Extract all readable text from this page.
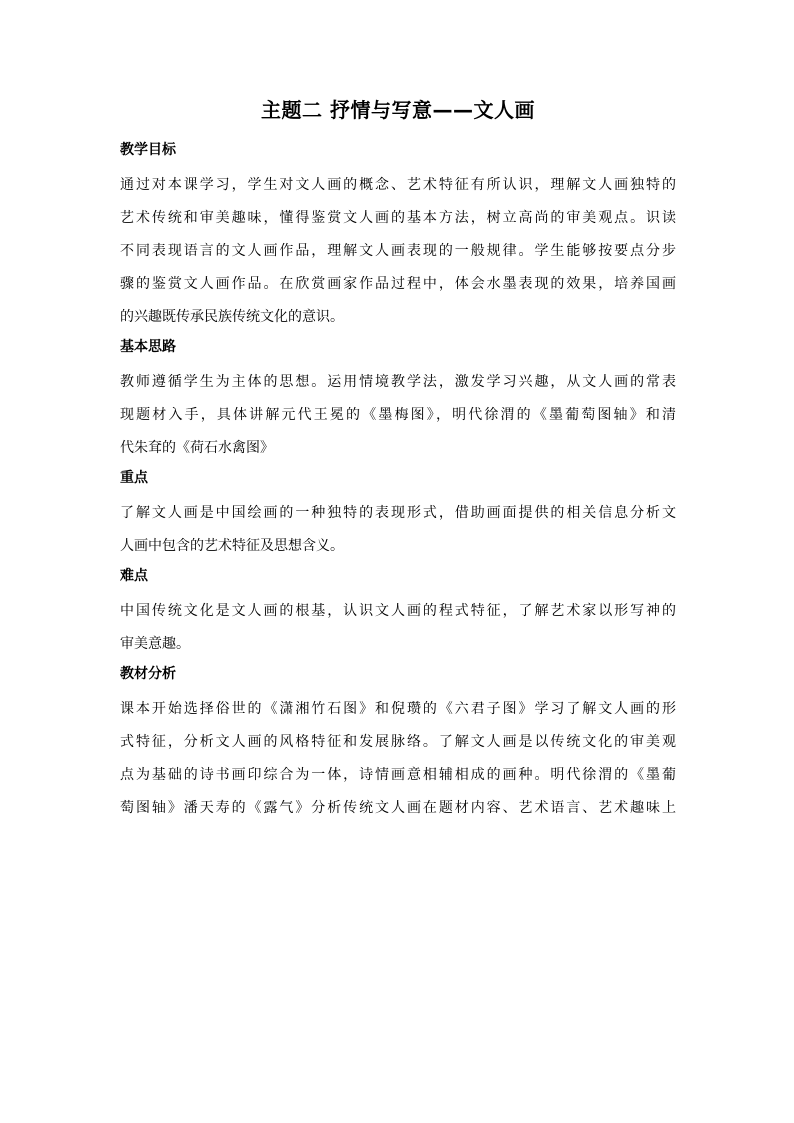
主题二 抒情与写意——文人画
教学目标
通过对本课学习，学生对文人画的概念、艺术特征有所认识，理解文人画独特的
艺术传统和审美趣味，懂得鉴赏文人画的基本方法，树立高尚的审美观点。识读
不同表现语言的文人画作品，理解文人画表现的一般规律。学生能够按要点分步
骤的鉴赏文人画作品。在欣赏画家作品过程中，体会水墨表现的效果，培养国画
的兴趣既传承民族传统文化的意识。
基本思路
教师遵循学生为主体的思想。运用情境教学法，激发学习兴趣，从文人画的常表
现题材入手，具体讲解元代王冕的《墨梅图》，明代徐渭的《墨葡萄图轴》和清
代朱耷的《荷石水禽图》
重点
了解文人画是中国绘画的一种独特的表现形式，借助画面提供的相关信息分析文
人画中包含的艺术特征及思想含义。
难点
中国传统文化是文人画的根基，认识文人画的程式特征，了解艺术家以形写神的
审美意趣。
教材分析
课本开始选择俗世的《潇湘竹石图》和倪瓒的《六君子图》学习了解文人画的形
式特征，分析文人画的风格特征和发展脉络。了解文人画是以传统文化的审美观
点为基础的诗书画印综合为一体，诗情画意相辅相成的画种。明代徐渭的《墨葡
萄图轴》潘天寿的《露气》分析传统文人画在题材内容、艺术语言、艺术趣味上
